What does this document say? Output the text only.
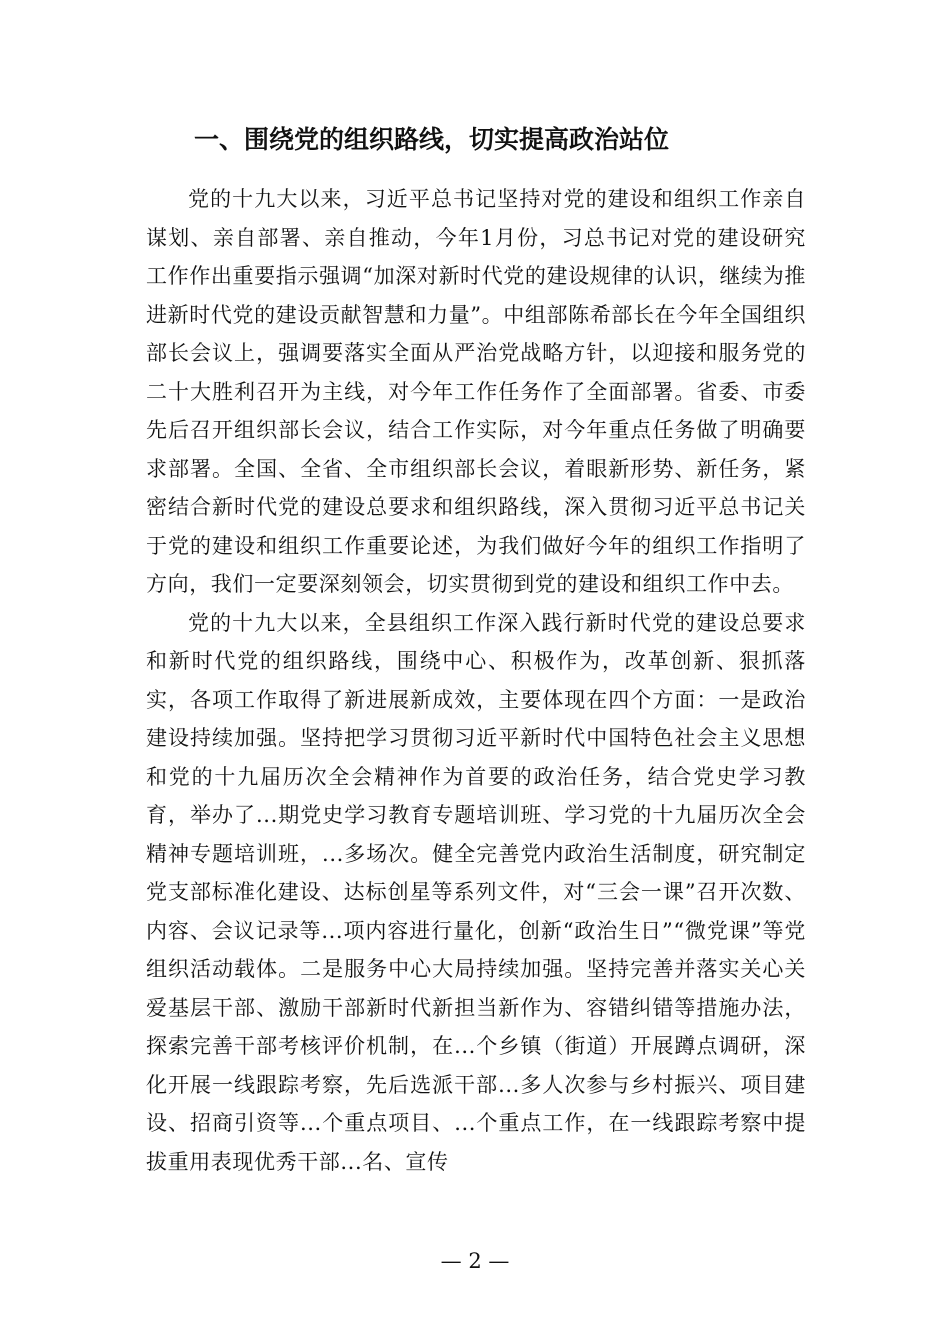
一、围绕党的组织路线，切实提高政治站位

党的十九大以来，习近平总书记坚持对党的建设和组织工作亲自谋划、亲自部署、亲自推动，今年1月份，习总书记对党的建设研究工作作出重要指示强调“加深对新时代党的建设规律的认识，继续为推进新时代党的建设贡献智慧和力量”。中组部陈希部长在今年全国组织部长会议上，强调要落实全面从严治党战略方针，以迎接和服务党的二十大胜利召开为主线，对今年工作任务作了全面部署。省委、市委先后召开组织部长会议，结合工作实际，对今年重点任务做了明确要求部署。全国、全省、全市组织部长会议，着眼新形势、新任务，紧密结合新时代党的建设总要求和组织路线，深入贯彻习近平总书记关于党的建设和组织工作重要论述，为我们做好今年的组织工作指明了方向，我们一定要深刻领会，切实贯彻到党的建设和组织工作中去。

党的十九大以来，全县组织工作深入践行新时代党的建设总要求和新时代党的组织路线，围绕中心、积极作为，改革创新、狠抓落实，各项工作取得了新进展新成效，主要体现在四个方面：一是政治建设持续加强。坚持把学习贯彻习近平新时代中国特色社会主义思想和党的十九届历次全会精神作为首要的政治任务，结合党史学习教育，举办了...期党史学习教育专题培训班、学习党的十九届历次全会精神专题培训班，...多场次。健全完善党内政治生活制度，研究制定党支部标准化建设、达标创星等系列文件，对“三会一课”召开次数、内容、会议记录等...项内容进行量化，创新“政治生日”“微党课”等党组织活动载体。二是服务中心大局持续加强。坚持完善并落实关心关爱基层干部、激励干部新时代新担当新作为、容错纠错等措施办法，探索完善干部考核评价机制，在...个乡镇（街道）开展蹲点调研，深化开展一线跟踪考察，先后选派干部...多人次参与乡村振兴、项目建设、招商引资等...个重点项目、...个重点工作，在一线跟踪考察中提拔重用表现优秀干部...名、宣传

— 2 —
